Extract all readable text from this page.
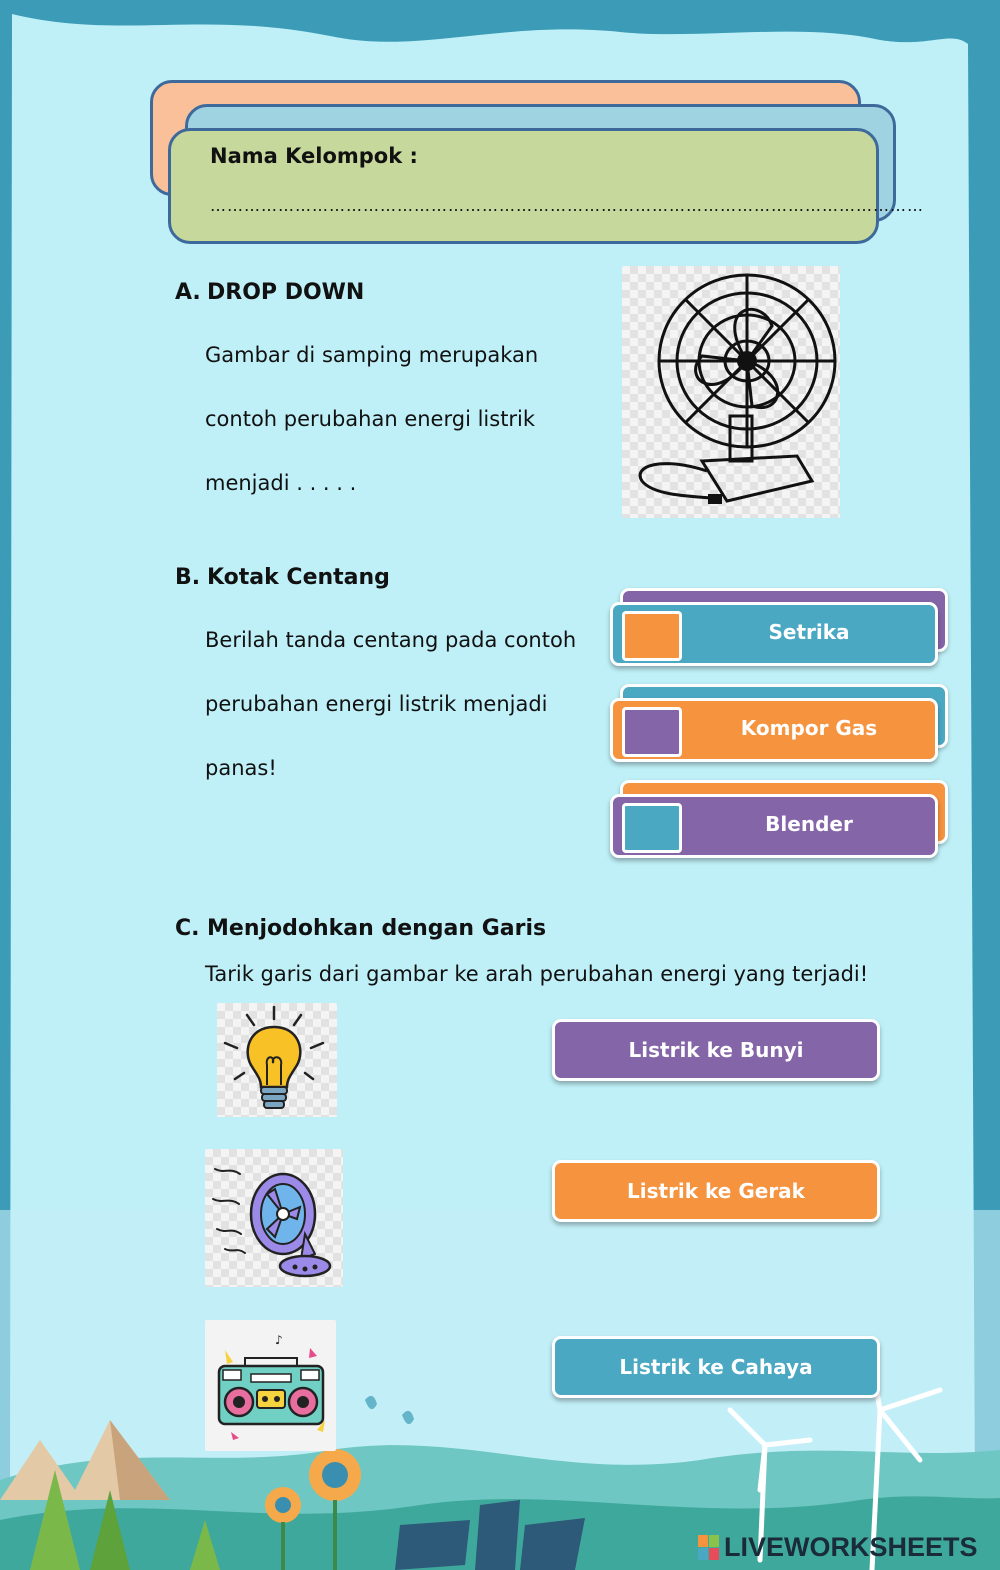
Nama Kelompok :
………………………………………………………………………………………………………………
A. DROP DOWN
Gambar di samping merupakan
contoh perubahan energi listrik
menjadi . . . . .
B. Kotak Centang
Berilah tanda centang pada contoh
perubahan energi listrik menjadi
panas!
Setrika
Kompor Gas
Blender
C. Menjodohkan dengan Garis
Tarik garis dari gambar ke arah perubahan energi yang terjadi!
♪
Listrik ke Bunyi
Listrik ke Gerak
Listrik ke Cahaya
LIVEWORKSHEETS
